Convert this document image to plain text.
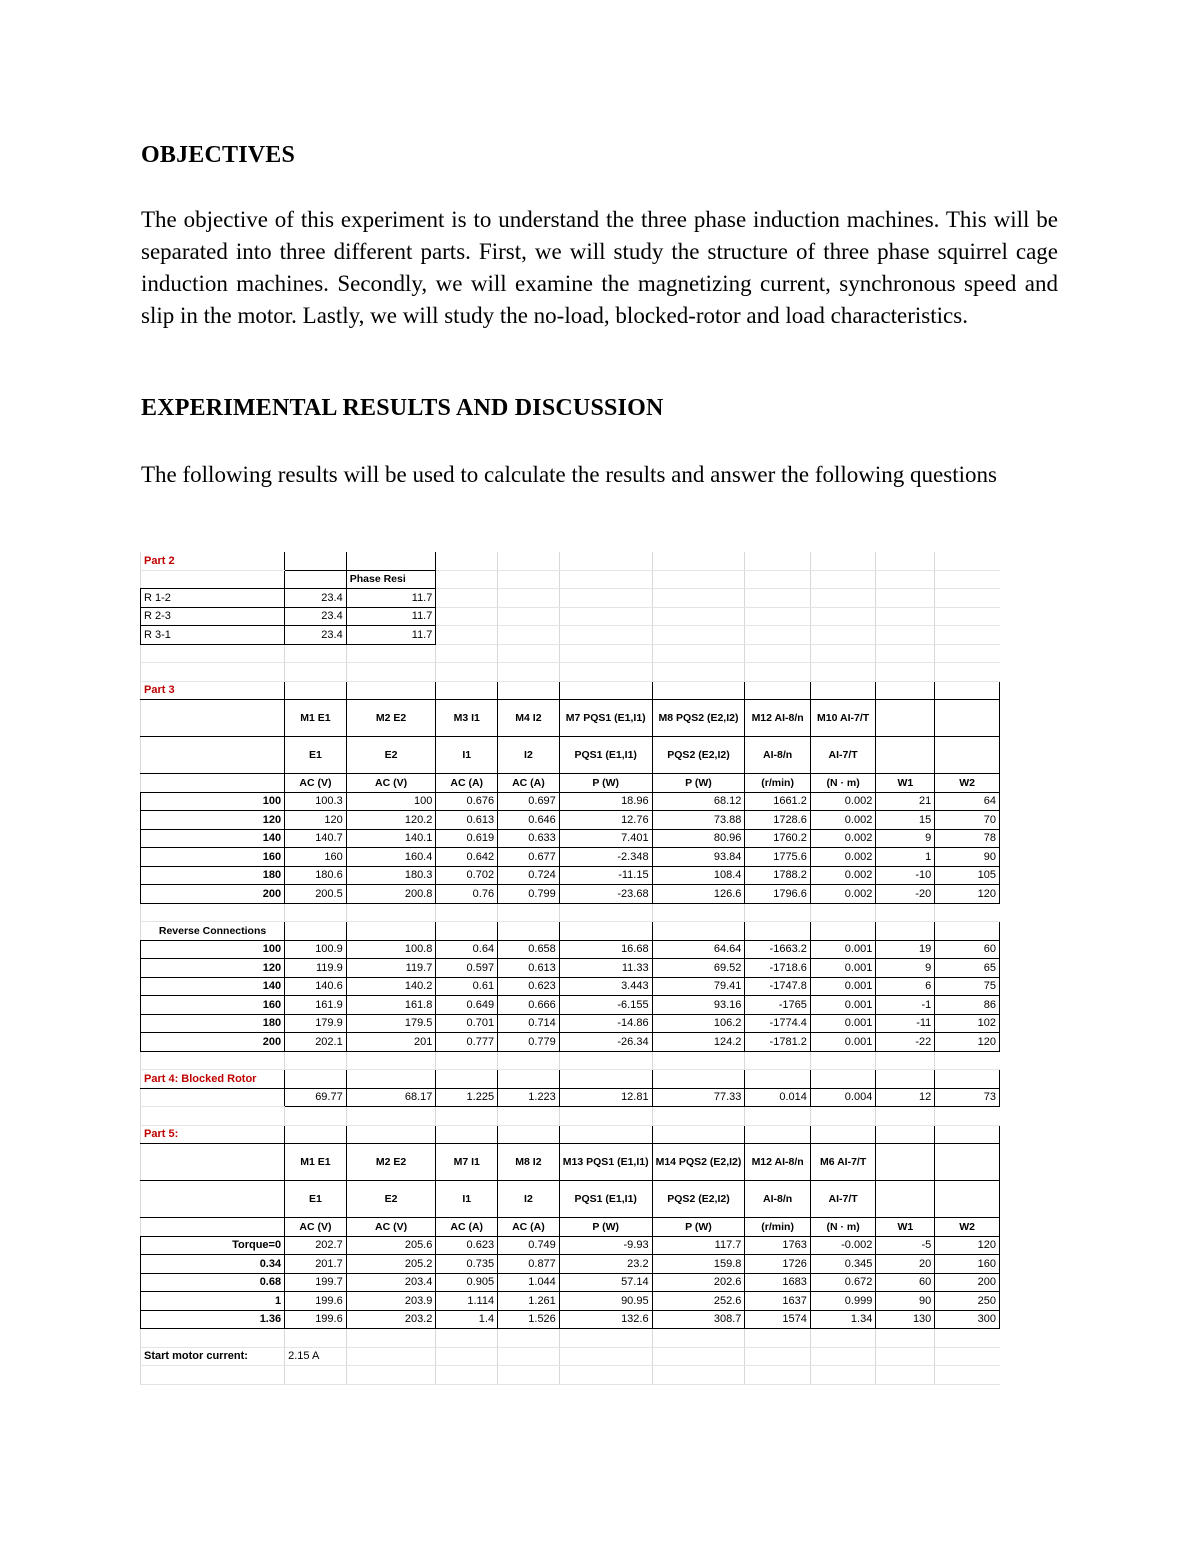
OBJECTIVES
The objective of this experiment is to understand the three phase induction machines. This will be separated into three different parts. First, we will study the structure of three phase squirrel cage induction machines. Secondly, we will examine the magnetizing current, synchronous speed and slip in the motor. Lastly, we will study the no-load, blocked-rotor and load characteristics.
EXPERIMENTAL RESULTS AND DISCUSSION
The following results will be used to calculate the results and answer the following questions
Part 2										
		Phase Resi								
R 1-2	23.4	11.7								
R 2-3	23.4	11.7								
R 3-1	23.4	11.7								

Part 3										
	M1 E1	M2 E2	M3 I1	M4 I2	M7 PQS1 (E1,I1)	M8 PQS2 (E2,I2)	M12 AI-8/n	M10 AI-7/T		
	E1	E2	I1	I2	PQS1 (E1,I1)	PQS2 (E2,I2)	AI-8/n	AI-7/T		
	AC (V)	AC (V)	AC (A)	AC (A)	P (W)	P (W)	(r/min)	(N · m)	W1	W2
100	100.3	100	0.676	0.697	18.96	68.12	1661.2	0.002	21	64
120	120	120.2	0.613	0.646	12.76	73.88	1728.6	0.002	15	70
140	140.7	140.1	0.619	0.633	7.401	80.96	1760.2	0.002	9	78
160	160	160.4	0.642	0.677	-2.348	93.84	1775.6	0.002	1	90
180	180.6	180.3	0.702	0.724	-11.15	108.4	1788.2	0.002	-10	105
200	200.5	200.8	0.76	0.799	-23.68	126.6	1796.6	0.002	-20	120

Reverse Connections										
100	100.9	100.8	0.64	0.658	16.68	64.64	-1663.2	0.001	19	60
120	119.9	119.7	0.597	0.613	11.33	69.52	-1718.6	0.001	9	65
140	140.6	140.2	0.61	0.623	3.443	79.41	-1747.8	0.001	6	75
160	161.9	161.8	0.649	0.666	-6.155	93.16	-1765	0.001	-1	86
180	179.9	179.5	0.701	0.714	-14.86	106.2	-1774.4	0.001	-11	102
200	202.1	201	0.777	0.779	-26.34	124.2	-1781.2	0.001	-22	120

Part 4: Blocked Rotor										
	69.77	68.17	1.225	1.223	12.81	77.33	0.014	0.004	12	73

Part 5:										
	M1 E1	M2 E2	M7 I1	M8 I2	M13 PQS1 (E1,I1)	M14 PQS2 (E2,I2)	M12 AI-8/n	M6 AI-7/T		
	E1	E2	I1	I2	PQS1 (E1,I1)	PQS2 (E2,I2)	AI-8/n	AI-7/T		
	AC (V)	AC (V)	AC (A)	AC (A)	P (W)	P (W)	(r/min)	(N · m)	W1	W2
Torque=0	202.7	205.6	0.623	0.749	-9.93	117.7	1763	-0.002	-5	120
0.34	201.7	205.2	0.735	0.877	23.2	159.8	1726	0.345	20	160
0.68	199.7	203.4	0.905	1.044	57.14	202.6	1683	0.672	60	200
1	199.6	203.9	1.114	1.261	90.95	252.6	1637	0.999	90	250
1.36	199.6	203.2	1.4	1.526	132.6	308.7	1574	1.34	130	300

Start motor current:	2.15 A									
